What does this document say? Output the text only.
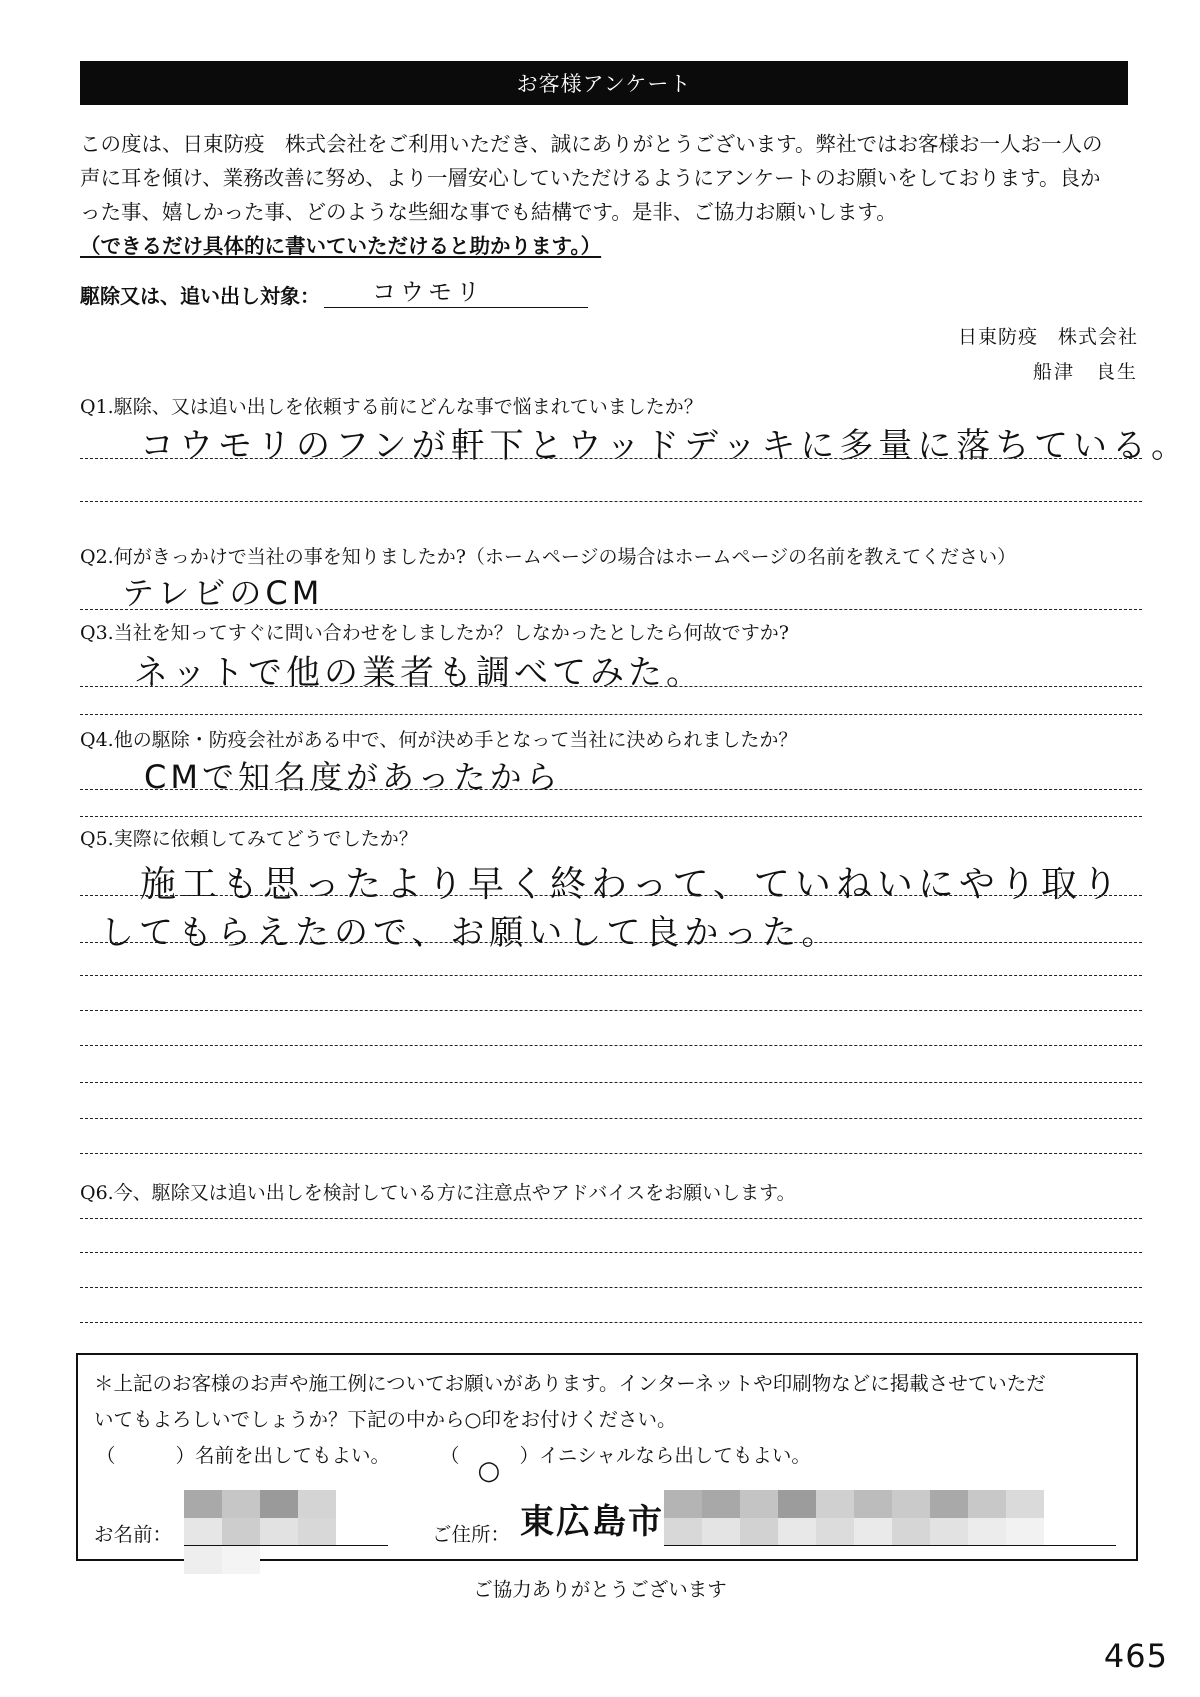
お客様アンケート
この度は、日東防疫　株式会社をご利用いただき、誠にありがとうございます。弊社ではお客様お一人お一人の
声に耳を傾け、業務改善に努め、より一層安心していただけるようにアンケートのお願いをしております。良か
った事、嬉しかった事、どのような些細な事でも結構です。是非、ご協力お願いします。
（できるだけ具体的に書いていただけると助かります。）
駆除又は、追い出し対象： コウモリ
日東防疫　株式会社
船津　良生
Q1.駆除、又は追い出しを依頼する前にどんな事で悩まれていましたか？
コウモリのフンが軒下とウッドデッキに多量に落ちている。
Q2.何がきっかけで当社の事を知りましたか?（ホームページの場合はホームページの名前を教えてください）
テレビのCM
Q3.当社を知ってすぐに問い合わせをしましたか？しなかったとしたら何故ですか?
ネットで他の業者も調べてみた。
Q4.他の駆除・防疫会社がある中で、何が決め手となって当社に決められましたか？
CMで知名度があったから
Q5.実際に依頼してみてどうでしたか？
施工も思ったより早く終わって、ていねいにやり取り
してもらえたので、お願いして良かった。
Q6.今、駆除又は追い出しを検討している方に注意点やアドバイスをお願いします。
＊上記のお客様のお声や施工例についてお願いがあります。インターネットや印刷物などに掲載させていただ
いてもよろしいでしょうか？下記の中から○印をお付けください。
（	）名前を出してもよい。	（
○
）イニシャルなら出してもよい。
お名前：	ご住所： 東広島市
ご協力ありがとうございます
465
